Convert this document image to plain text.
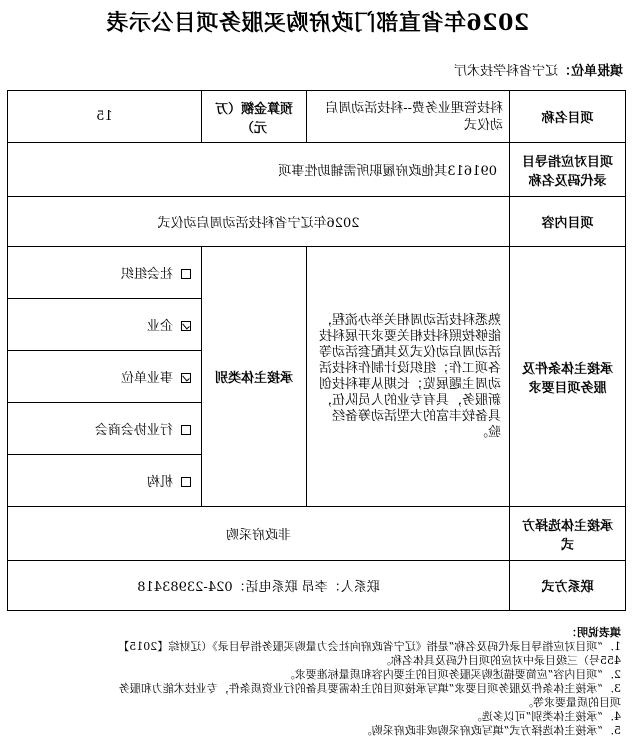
2026年省直部门政府购买服务项目公示表
填报单位：辽宁省科学技术厅
项目名称	科技管理业务费--科技活动周启动仪式	预算金额（万元）	15
项目对应指导目录代码及名称	091613其他政府履职所需辅助性事项		
项目内容	2026年辽宁省科技活动周启动仪式		
承接主体条件及服务项目要求	熟悉科技活动周相关举办流程，能够按照科技相关要求开展科技活动周启动仪式及其配套活动等各项工作；组织设计制作科技活动周主题展览；长期从事科技创新服务，具有专业的人员队伍，具备较丰富的大型活动筹备经验。	承接主体类别	社会组织
			企业
			事业单位
			行业协会商会
			机构
承接主体选择方式	非政府采购		
联系方式	联系人：李昂 联系电话：024-23983418		
填表说明：
1．“项目对应指导目录代码及名称”是指《辽宁省政府向社会力量购买服务指导目录》（辽财综【2015】
455号）三级目录中对应的项目代码及具体名称。
2．“项目内容”应简要描述购买服务项目的主要内容和质量标准要求。
3．“承接主体条件及服务项目要求”填写承接项目的主体需要具备的行业资质条件，专业技术能力和服务
项目的质量要求等。
4．“承接主体类别”可以多选。
5．“承接主体选择方式”填写政府采购或非政府采购。
